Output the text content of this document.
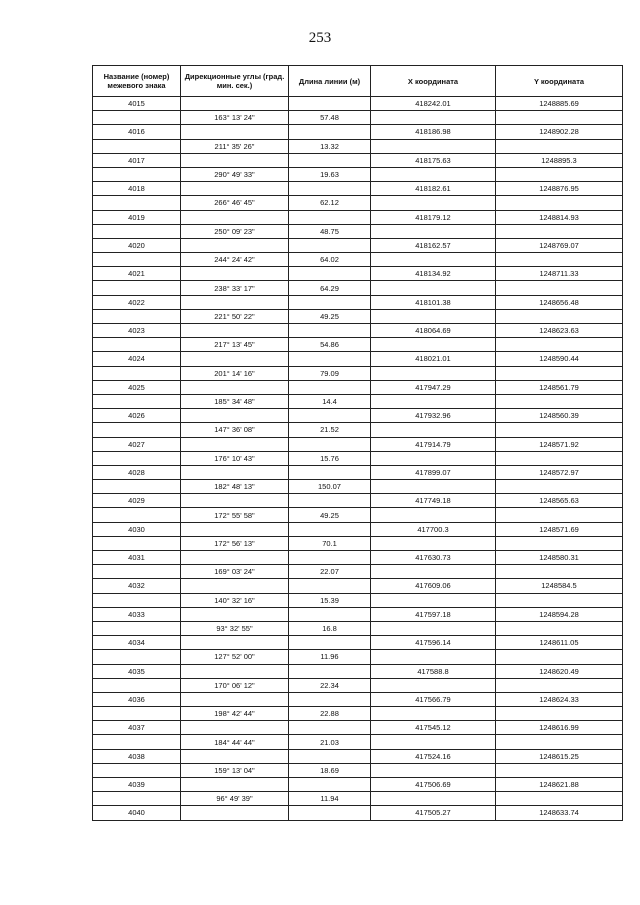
253
Название (номер) межевого знака	Дирекционные углы (град. мин. сек.)	Длина линии (м)	X координата	Y координата
4015			418242.01	1248885.69
	163° 13' 24"	57.48		
4016			418186.98	1248902.28
	211° 35' 26"	13.32		
4017			418175.63	1248895.3
	290° 49' 33"	19.63		
4018			418182.61	1248876.95
	266° 46' 45"	62.12		
4019			418179.12	1248814.93
	250° 09' 23"	48.75		
4020			418162.57	1248769.07
	244° 24' 42"	64.02		
4021			418134.92	1248711.33
	238° 33' 17"	64.29		
4022			418101.38	1248656.48
	221° 50' 22"	49.25		
4023			418064.69	1248623.63
	217° 13' 45"	54.86		
4024			418021.01	1248590.44
	201° 14' 16"	79.09		
4025			417947.29	1248561.79
	185° 34' 48"	14.4		
4026			417932.96	1248560.39
	147° 36' 08"	21.52		
4027			417914.79	1248571.92
	176° 10' 43"	15.76		
4028			417899.07	1248572.97
	182° 48' 13"	150.07		
4029			417749.18	1248565.63
	172° 55' 58"	49.25		
4030			417700.3	1248571.69
	172° 56' 13"	70.1		
4031			417630.73	1248580.31
	169° 03' 24"	22.07		
4032			417609.06	1248584.5
	140° 32' 16"	15.39		
4033			417597.18	1248594.28
	93° 32' 55"	16.8		
4034			417596.14	1248611.05
	127° 52' 00"	11.96		
4035			417588.8	1248620.49
	170° 06' 12"	22.34		
4036			417566.79	1248624.33
	198° 42' 44"	22.88		
4037			417545.12	1248616.99
	184° 44' 44"	21.03		
4038			417524.16	1248615.25
	159° 13' 04"	18.69		
4039			417506.69	1248621.88
	96° 49' 39"	11.94		
4040			417505.27	1248633.74
